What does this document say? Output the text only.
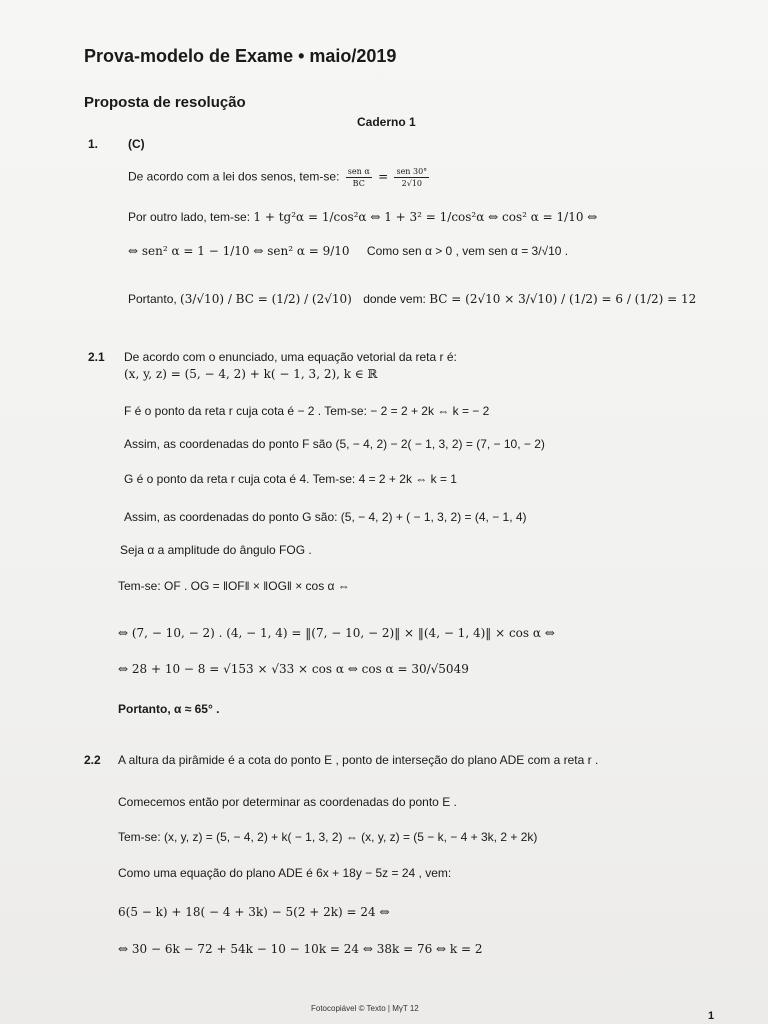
Prova-modelo de Exame • maio/2019
Proposta de resolução
Caderno 1
1. (C)
De acordo com a lei dos senos, tem-se: $\frac{\text{sen α}}{BC} = \frac{\text{sen 30°}}{2√10}$
Por outro lado, tem-se: 1 + tg²α = 1/cos²α ⇔ 1 + 3² = 1/cos²α ⇔ cos² α = 1/10 ⇔
⇔ sen² α = 1 − 1/10 ⇔ sen² α = 9/10 Como sen α > 0 , vem sen α = 3/√10 .
Portanto, (3/√10) / BC = (1/2) / (2√10) donde vem: BC = (2√10 × 3/√10) / (1/2) = 6 / (1/2) = 12
2.1 De acordo com o enunciado, uma equação vetorial da reta r é:
(x, y, z) = (5, − 4, 2) + k( − 1, 3, 2), k ∈ ℝ
F é o ponto da reta r cuja cota é − 2 . Tem-se: − 2 = 2 + 2k ⇔ k = − 2
Assim, as coordenadas do ponto F são (5, − 4, 2) − 2( − 1, 3, 2) = (7, − 10, − 2)
G é o ponto da reta r cuja cota é 4. Tem-se: 4 = 2 + 2k ⇔ k = 1
Assim, as coordenadas do ponto G são: (5, − 4, 2) + ( − 1, 3, 2) = (4, − 1, 4)
Seja α a amplitude do ângulo FOG .
Tem-se: OF . OG = ‖OF‖ × ‖OG‖ × cos α ⇔
⇔ (7, − 10, − 2) . (4, − 1, 4) = ‖(7, − 10, − 2)‖ × ‖(4, − 1, 4)‖ × cos α ⇔
⇔ 28 + 10 − 8 = √153 × √33 × cos α ⇔ cos α = 30/√5049
Portanto, α ≈ 65° .
2.2 A altura da pirâmide é a cota do ponto E , ponto de interseção do plano ADE com a reta r .
Comecemos então por determinar as coordenadas do ponto E .
Tem-se: (x, y, z) = (5, − 4, 2) + k( − 1, 3, 2) ⇔ (x, y, z) = (5 − k, − 4 + 3k, 2 + 2k)
Como uma equação do plano ADE é 6x + 18y − 5z = 24 , vem:
6(5 − k) + 18( − 4 + 3k) − 5(2 + 2k) = 24 ⇔
⇔ 30 − 6k − 72 + 54k − 10 − 10k = 24 ⇔ 38k = 76 ⇔ k = 2
Fotocopiável © Texto | MγT 12
1
